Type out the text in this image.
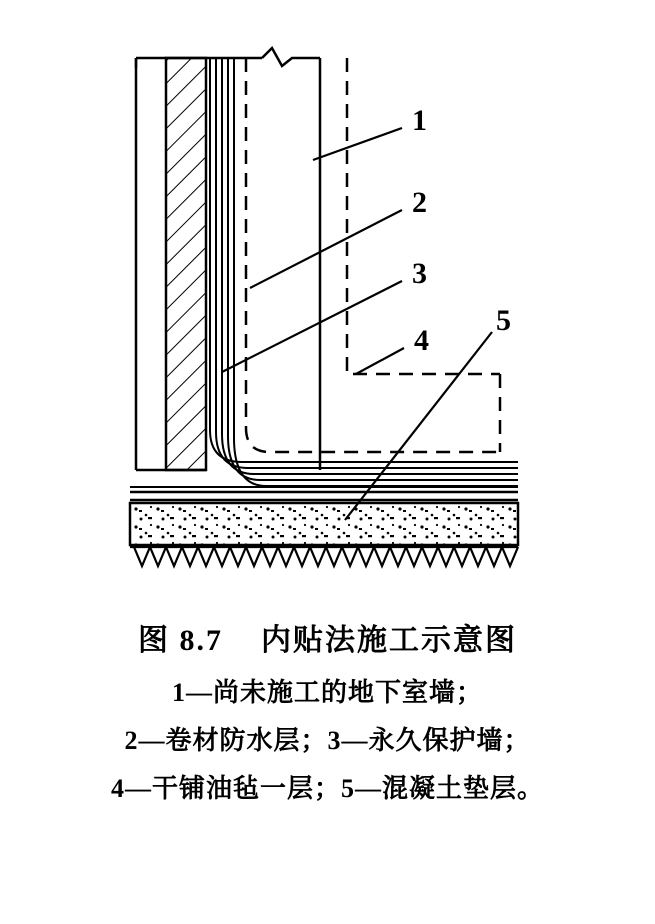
1
2
3
4
5
图 8.7    内贴法施工示意图
1—尚未施工的地下室墙；
2—卷材防水层；3—永久保护墙；
4—干铺油毡一层；5—混凝土垫层。
